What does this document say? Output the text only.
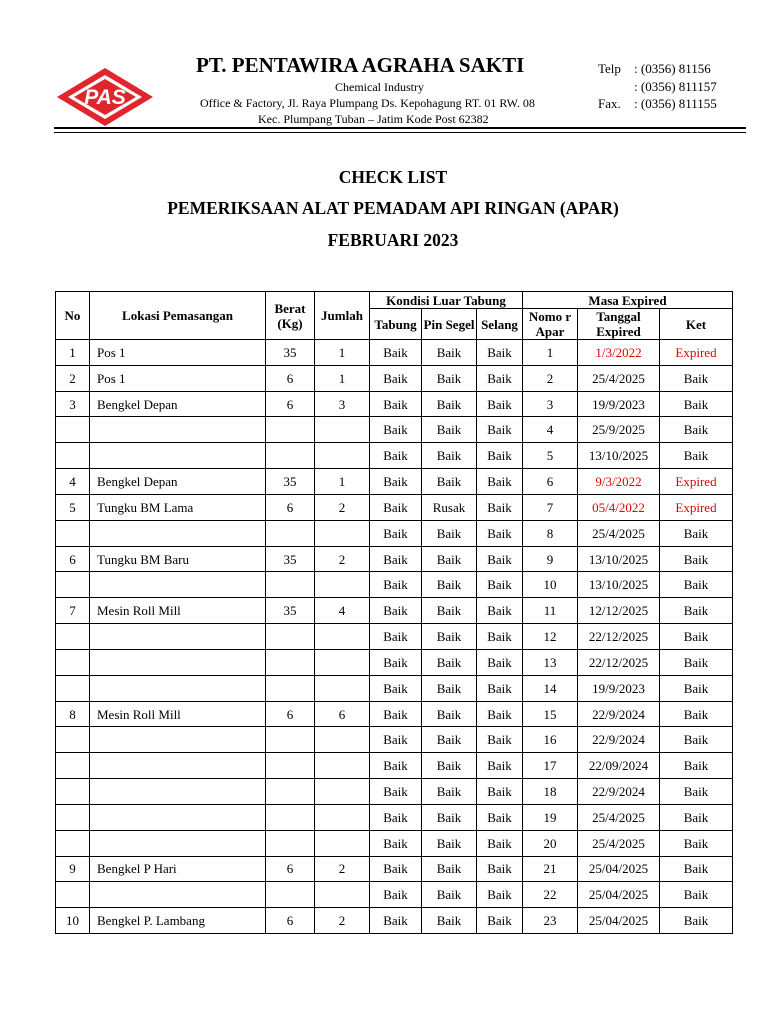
PAS
PT. PENTAWIRA AGRAHA SAKTI
Chemical Industry
Office & Factory, Jl. Raya Plumpang Ds. Kepohagung RT. 01 RW. 08
Kec. Plumpang Tuban – Jatim Kode Post 62382
Telp	: (0356) 81156
: (0356) 811157
Fax.	: (0356) 811155
CHECK LIST
PEMERIKSAAN ALAT PEMADAM API RINGAN (APAR)
FEBRUARI 2023
No	Lokasi Pemasangan	Berat (Kg)	Jumlah	Kondisi Luar Tabung			Masa Expired		
				Tabung	Pin Segel	Selang	Nomo r Apar	Tanggal Expired	Ket
1	Pos 1	35	1	Baik	Baik	Baik	1	1/3/2022	Expired
2	Pos 1	6	1	Baik	Baik	Baik	2	25/4/2025	Baik
3	Bengkel Depan	6	3	Baik	Baik	Baik	3	19/9/2023	Baik
				Baik	Baik	Baik	4	25/9/2025	Baik
				Baik	Baik	Baik	5	13/10/2025	Baik
4	Bengkel Depan	35	1	Baik	Baik	Baik	6	9/3/2022	Expired
5	Tungku BM Lama	6	2	Baik	Rusak	Baik	7	05/4/2022	Expired
				Baik	Baik	Baik	8	25/4/2025	Baik
6	Tungku BM Baru	35	2	Baik	Baik	Baik	9	13/10/2025	Baik
				Baik	Baik	Baik	10	13/10/2025	Baik
7	Mesin Roll Mill	35	4	Baik	Baik	Baik	11	12/12/2025	Baik
				Baik	Baik	Baik	12	22/12/2025	Baik
				Baik	Baik	Baik	13	22/12/2025	Baik
				Baik	Baik	Baik	14	19/9/2023	Baik
8	Mesin Roll Mill	6	6	Baik	Baik	Baik	15	22/9/2024	Baik
				Baik	Baik	Baik	16	22/9/2024	Baik
				Baik	Baik	Baik	17	22/09/2024	Baik
				Baik	Baik	Baik	18	22/9/2024	Baik
				Baik	Baik	Baik	19	25/4/2025	Baik
				Baik	Baik	Baik	20	25/4/2025	Baik
9	Bengkel P Hari	6	2	Baik	Baik	Baik	21	25/04/2025	Baik
				Baik	Baik	Baik	22	25/04/2025	Baik
10	Bengkel P. Lambang	6	2	Baik	Baik	Baik	23	25/04/2025	Baik
